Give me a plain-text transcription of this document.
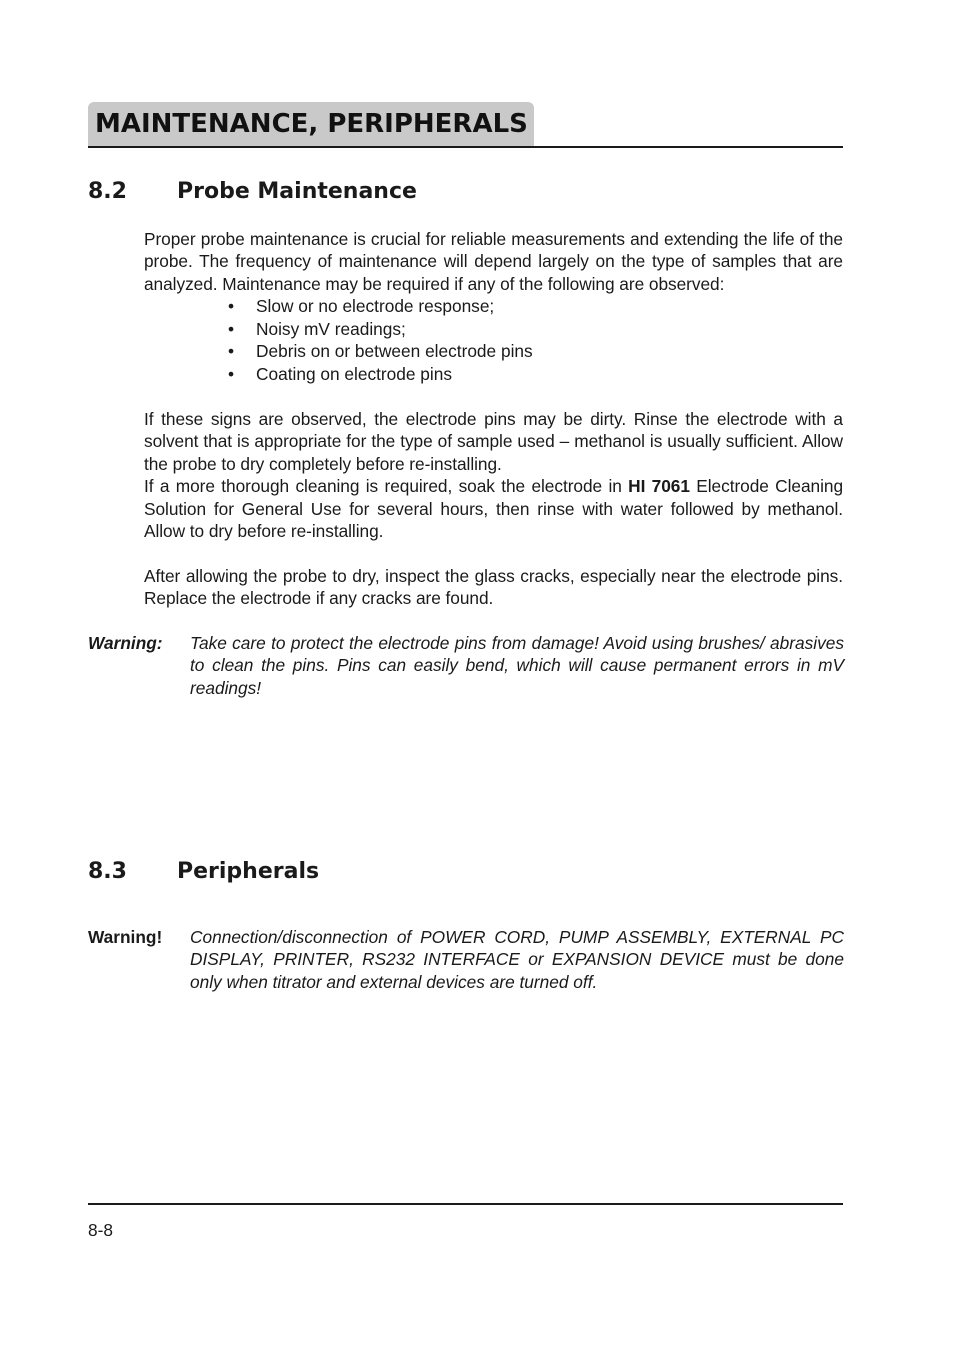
MAINTENANCE, PERIPHERALS
8.2 Probe Maintenance

Proper probe maintenance is crucial for reliable measurements and extending the life of the probe. The frequency of maintenance will depend largely on the type of samples that are analyzed. Maintenance may be required if any of the following are observed:

• Slow or no electrode response;
• Noisy mV readings;
• Debris on or between electrode pins
• Coating on electrode pins

If these signs are observed, the electrode pins may be dirty. Rinse the electrode with a solvent that is appropriate for the type of sample used – methanol is usually sufficient. Allow the probe to dry completely before re-installing.

If a more thorough cleaning is required, soak the electrode in HI 7061 Electrode Cleaning Solution for General Use for several hours, then rinse with water followed by methanol. Allow to dry before re-installing.

After allowing the probe to dry, inspect the glass cracks, especially near the electrode pins. Replace the electrode if any cracks are found.

Warning: Take care to protect the electrode pins from damage! Avoid using brushes/ abrasives to clean the pins. Pins can easily bend, which will cause permanent errors in mV readings!
8.3 Peripherals
Warning! Connection/disconnection of POWER CORD, PUMP ASSEMBLY, EXTERNAL PC DISPLAY, PRINTER, RS232 INTERFACE or EXPANSION DEVICE must be done only when titrator and external devices are turned off.
8-8
